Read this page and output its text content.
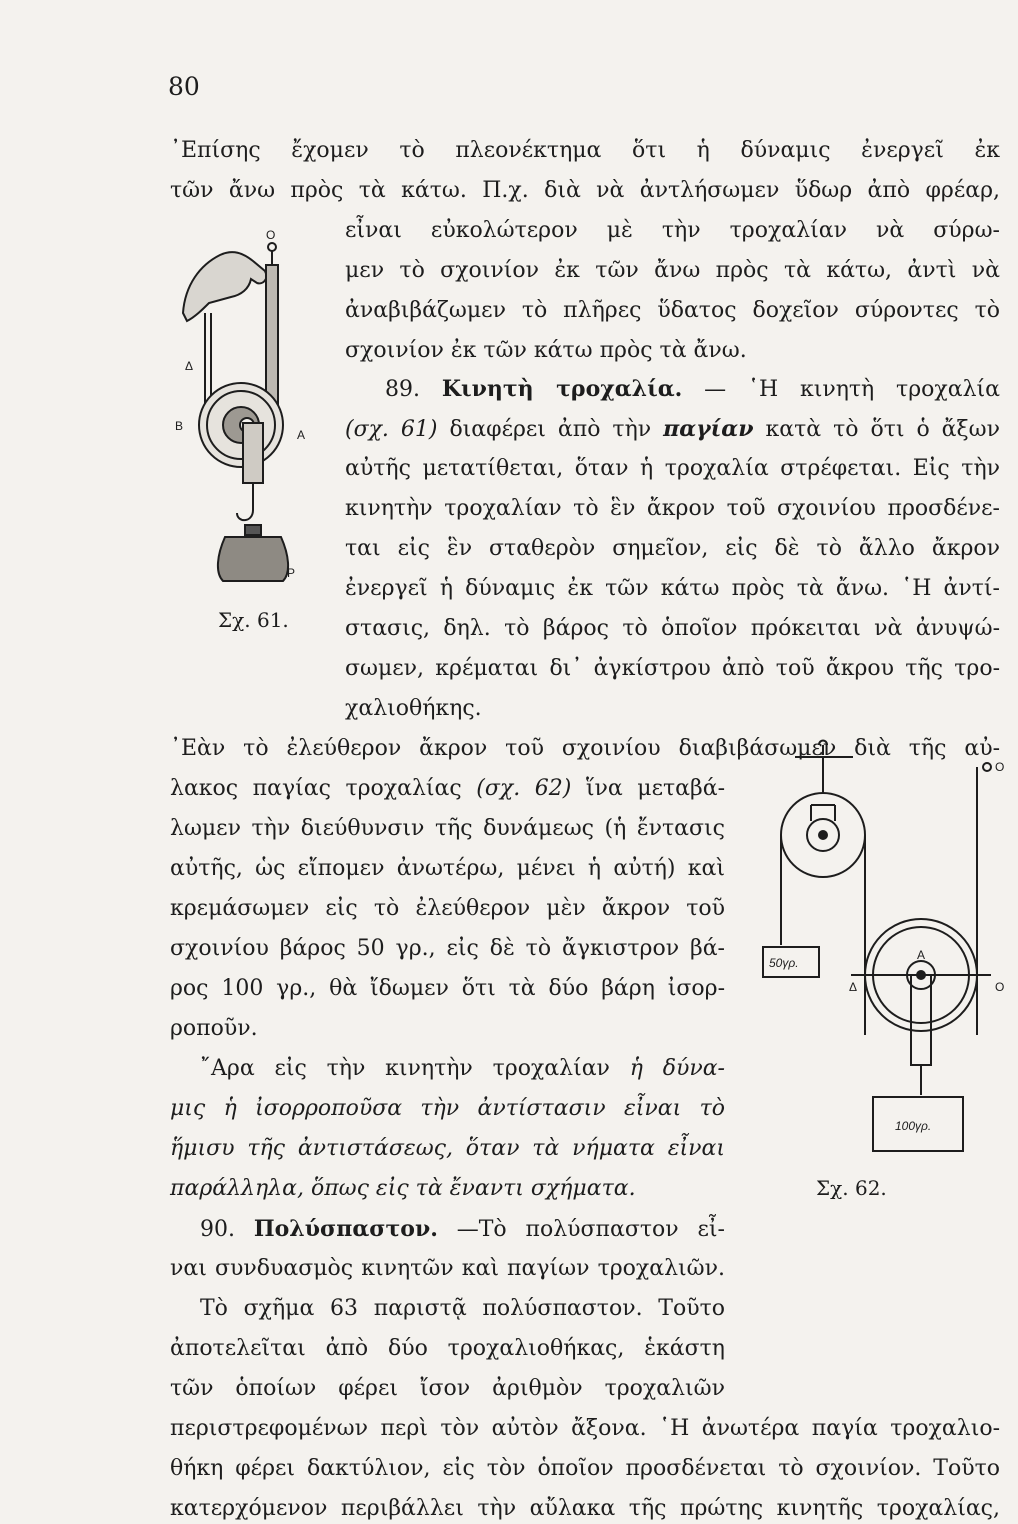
80
᾿Επίσης ἔχομεν τὸ πλεονέκτημα ὅτι ἡ δύναμις ἐνεργεῖ ἐκ
τῶν ἄνω πρὸς τὰ κάτω. Π.χ. διὰ νὰ ἀντλήσωμεν ὕδωρ ἀπὸ φρέαρ,
εἶναι εὐκολώτερον μὲ τὴν τροχαλίαν νὰ σύρω-
μεν τὸ σχοινίον ἐκ τῶν ἄνω πρὸς τὰ κάτω, ἀντὶ νὰ
ἀναβιβάζωμεν τὸ πλῆρες ὕδατος δοχεῖον σύροντες τὸ
σχοινίον ἐκ τῶν κάτω πρὸς τὰ ἄνω.
89. Κινητὴ τροχαλία. — ῾Η κινητὴ τροχαλία
(σχ. 61) διαφέρει ἀπὸ τὴν παγίαν κατὰ τὸ ὅτι ὁ ἄξων
αὐτῆς μετατίθεται, ὅταν ἡ τροχαλία στρέφεται. Εἰς τὴν
κινητὴν τροχαλίαν τὸ ἓν ἄκρον τοῦ σχοινίου προσδένε-
ται εἰς ἓν σταθερὸν σημεῖον, εἰς δὲ τὸ ἄλλο ἄκρον
ἐνεργεῖ ἡ δύναμις ἐκ τῶν κάτω πρὸς τὰ ἄνω. ῾Η ἀντί-
στασις, δηλ. τὸ βάρος τὸ ὁποῖον πρόκειται νὰ ἀνυψώ-
σωμεν, κρέμαται δι᾿ ἀγκίστρου ἀπὸ τοῦ ἄκρου τῆς τρο-
χαλιοθήκης.
᾿Εὰν τὸ ἐλεύθερον ἄκρον τοῦ σχοινίου διαβιβάσωμεν διὰ τῆς αὐ-
λακος παγίας τροχαλίας (σχ. 62) ἵνα μεταβά-
λωμεν τὴν διεύθυνσιν τῆς δυνάμεως (ἡ ἔντασις
αὐτῆς, ὡς εἴπομεν ἀνωτέρω, μένει ἡ αὐτή) καὶ
κρεμάσωμεν εἰς τὸ ἐλεύθερον μὲν ἄκρον τοῦ
σχοινίου βάρος 50 γρ., εἰς δὲ τὸ ἄγκιστρον βά-
ρος 100 γρ., θὰ ἴδωμεν ὅτι τὰ δύο βάρη ἰσορ-
ροποῦν.
῎Αρα εἰς τὴν κινητὴν τροχαλίαν ἡ δύνα-
μις ἡ ἰσορροποῦσα τὴν ἀντίστασιν εἶναι τὸ
ἥμισυ τῆς ἀντιστάσεως, ὅταν τὰ νήματα εἶναι
παράλληλα, ὅπως εἰς τὰ ἔναντι σχήματα.
90. Πολύσπαστον. —Τὸ πολύσπαστον εἶ-
ναι συνδυασμὸς κινητῶν καὶ παγίων τροχαλιῶν.
Τὸ σχῆμα 63 παριστᾷ πολύσπαστον. Τοῦτο
ἀποτελεῖται ἀπὸ δύο τροχαλιοθήκας, ἑκάστη
τῶν ὁποίων φέρει ἴσον ἀριθμὸν τροχαλιῶν
περιστρεφομένων περὶ τὸν αὐτὸν ἄξονα. ῾Η ἀνωτέρα παγία τροχαλιο-
θήκη φέρει δακτύλιον, εἰς τὸν ὁποῖον προσδένεται τὸ σχοινίον. Τοῦτο
κατερχόμενον περιβάλλει τὴν αὔλακα τῆς πρώτης κινητῆς τροχαλίας,
O
Δ
B
A
P
Σχ. 61.
A
Δ	O
O
50γρ.
100γρ.
Σχ. 62.
